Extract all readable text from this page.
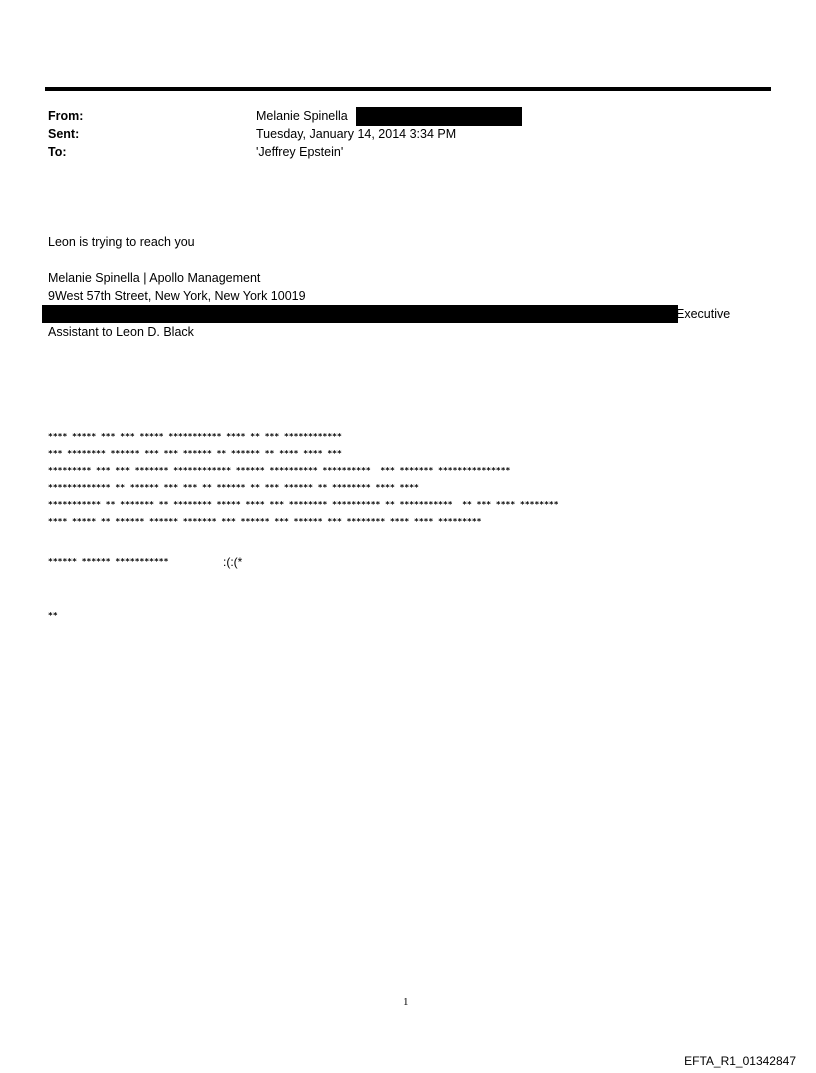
From:	Melanie Spinella
Sent:	Tuesday, January 14, 2014 3:34 PM
To:	'Jeffrey Epstein'
Leon is trying to reach you
Melanie Spinella | Apollo Management
9West 57th Street, New York, New York 10019
Executive
Assistant to Leon D. Black
**** ***** *** *** ***** *********** **** ** *** ************
*** ******** ****** *** *** ****** ** ****** ** **** **** ***
********* *** *** ******* ************ ****** ********** **********  *** ******* ***************
************* ** ****** *** *** ** ****** ** *** ****** ** ******** **** ****
*********** ** ******* ** ******** ***** **** *** ******** ********** ** ***********  ** *** **** ********
**** ***** ** ****** ****** ******* *** ****** *** ****** *** ******** **** **** *********
****** ****** ***********	:(:(*
**
1
EFTA_R1_01342847
